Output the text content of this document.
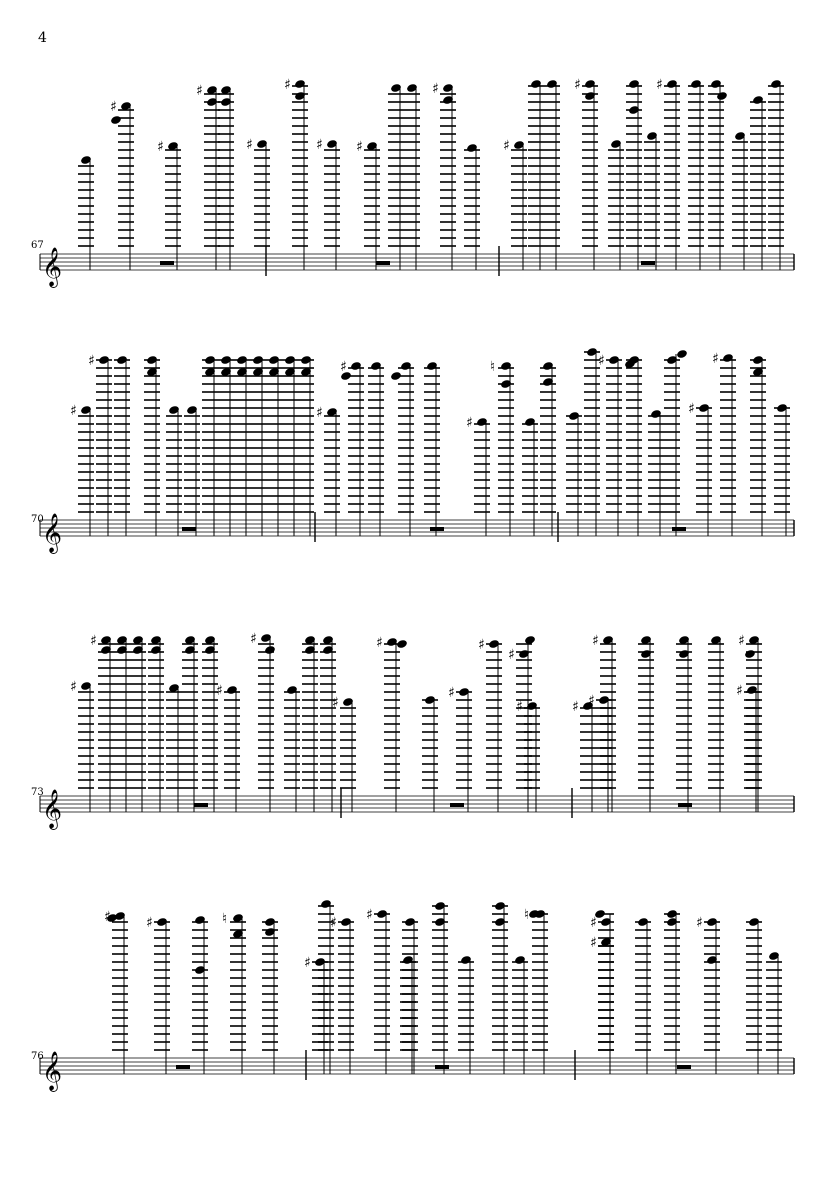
4
67
70
73
76
𝄞
♯
♯
♯
♯
♯
♯ ♯
♯
♯
♯	♯
𝄞
♯
♯
♯
♯
♯
♮	♯
♯
♯
𝄞
♯
♯
♯
♯
♯
♯
♯
♯
♯
♯	♯ ♯
♯	♯
♯
𝄞
♯	♯	♮
♯
♯ ♯	♮	♯
♯
♯
